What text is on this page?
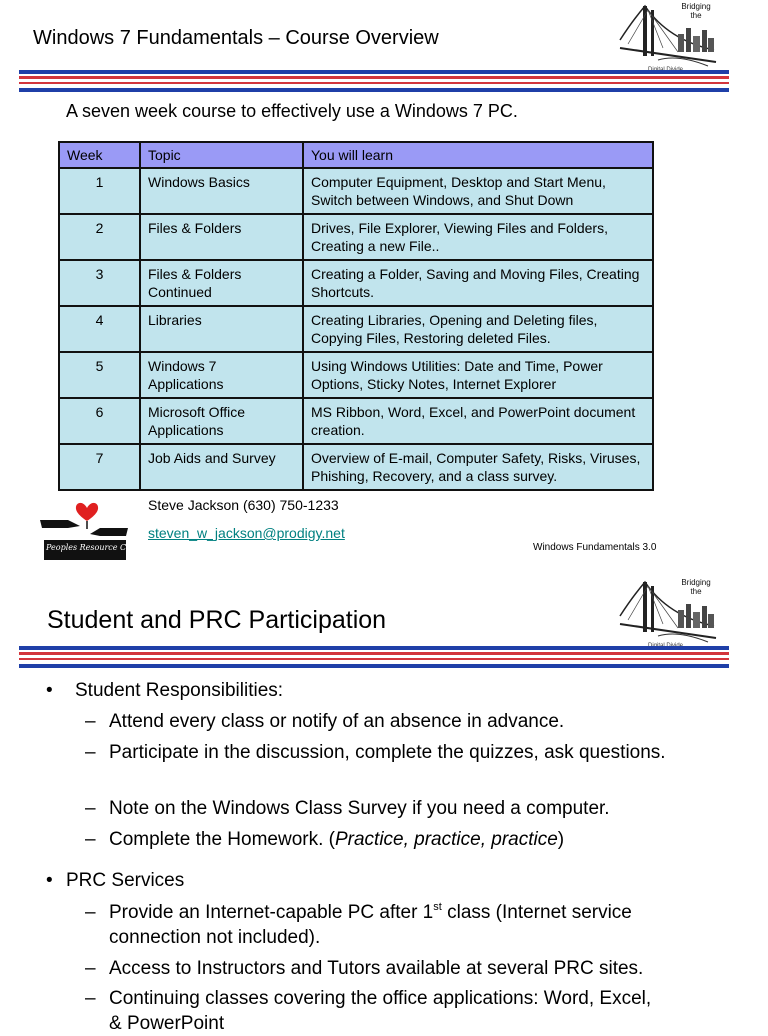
Windows 7 Fundamentals – Course Overview
Bridging
the
A seven week course to effectively use a Windows 7 PC.
Week	Topic	You will learn
1	Windows Basics	Computer Equipment, Desktop and Start Menu, Switch between Windows, and Shut Down
2	Files & Folders	Drives, File Explorer, Viewing Files and Folders, Creating a new File..
3	Files & Folders Continued	Creating a Folder, Saving and Moving Files, Creating Shortcuts.
4	Libraries	Creating Libraries, Opening and Deleting files, Copying Files, Restoring deleted Files.
5	Windows 7 Applications	Using Windows Utilities: Date and Time, Power Options, Sticky Notes, Internet Explorer
6	Microsoft Office Applications	MS Ribbon, Word, Excel, and PowerPoint document creation.
7	Job Aids and Survey	Overview of E-mail, Computer Safety, Risks, Viruses, Phishing, Recovery, and a class survey.
Peoples Resource Center
Steve Jackson (630) 750-1233
steven_w_jackson@prodigy.net
Windows Fundamentals 3.0
Student and PRC Participation
Bridging
the
• Student Responsibilities:
– Attend every class or notify of an absence in advance.
– Participate in the discussion, complete the quizzes, ask questions.
– Note on the Windows Class Survey if you need a computer.
– Complete the Homework. (Practice, practice, practice)
• PRC Services
– Provide an Internet-capable PC after 1st class (Internet service connection not included).
– Access to Instructors and Tutors available at several PRC sites.
– Continuing classes covering the office applications: Word, Excel, & PowerPoint
